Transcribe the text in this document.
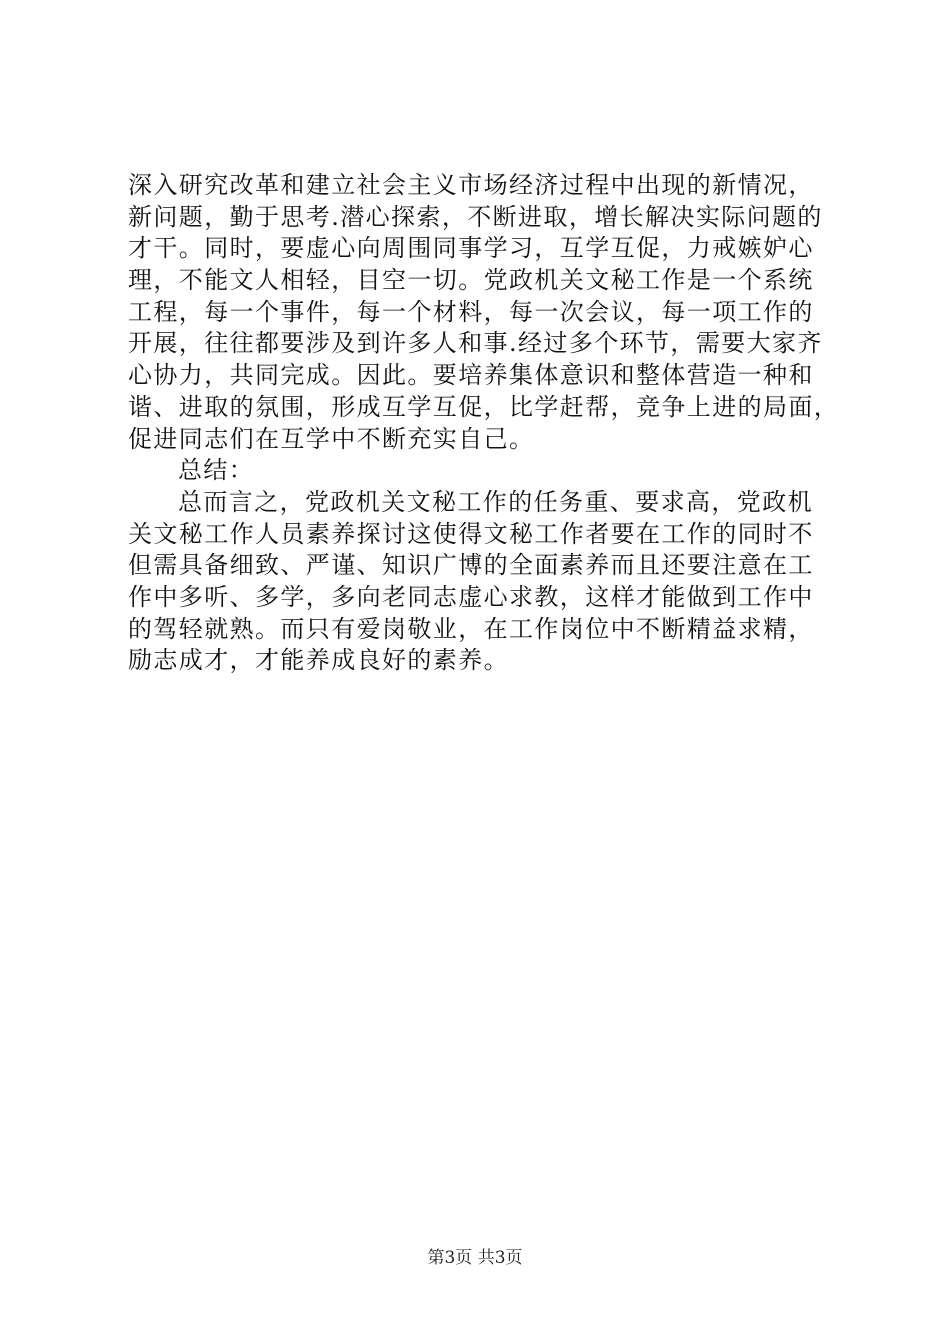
深入研究改革和建立社会主义市场经济过程中出现的新情况，
新问题，勤于思考.潜心探索，不断进取，增长解决实际问题的
才干。同时，要虚心向周围同事学习，互学互促，力戒嫉妒心
理，不能文人相轻，目空一切。党政机关文秘工作是一个系统
工程，每一个事件，每一个材料，每一次会议，每一项工作的
开展，往往都要涉及到许多人和事.经过多个环节，需要大家齐
心协力，共同完成。因此。要培养集体意识和整体营造一种和
谐、进取的氛围，形成互学互促，比学赶帮，竞争上进的局面，
促进同志们在互学中不断充实自己。
总结：
总而言之，党政机关文秘工作的任务重、要求高，党政机
关文秘工作人员素养探讨这使得文秘工作者要在工作的同时不
但需具备细致、严谨、知识广博的全面素养而且还要注意在工
作中多听、多学，多向老同志虚心求教，这样才能做到工作中
的驾轻就熟。而只有爱岗敬业，在工作岗位中不断精益求精，
励志成才，才能养成良好的素养。
第3页 共3页
